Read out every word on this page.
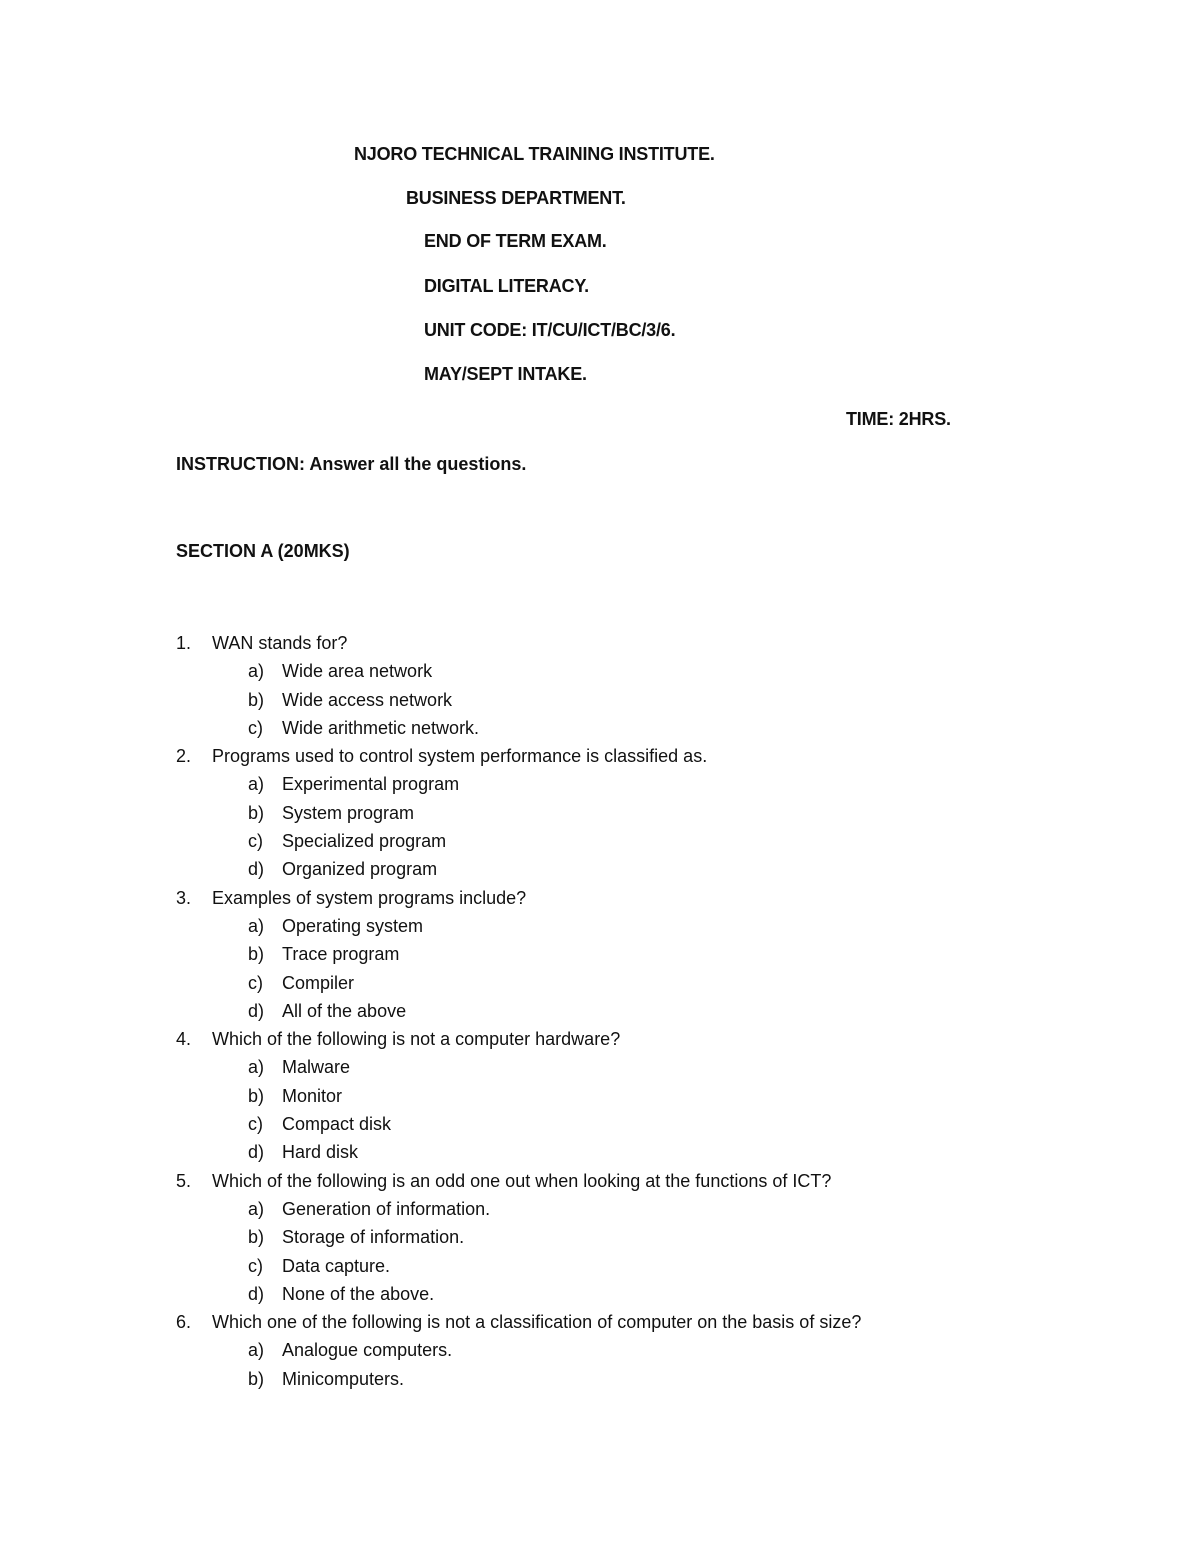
NJORO TECHNICAL TRAINING INSTITUTE.
BUSINESS DEPARTMENT.
END OF TERM EXAM.
DIGITAL LITERACY.
UNIT CODE: IT/CU/ICT/BC/3/6.
MAY/SEPT INTAKE.
TIME: 2HRS.
INSTRUCTION: Answer all the questions.
SECTION A (20MKS)
1. WAN stands for?
a) Wide area network
b) Wide access network
c) Wide arithmetic network.
2. Programs used to control system performance is classified as.
a) Experimental program
b) System program
c) Specialized program
d) Organized program
3. Examples of system programs include?
a) Operating system
b) Trace program
c) Compiler
d) All of the above
4. Which of the following is not a computer hardware?
a) Malware
b) Monitor
c) Compact disk
d) Hard disk
5. Which of the following is an odd one out when looking at the functions of ICT?
a) Generation of information.
b) Storage of information.
c) Data capture.
d) None of the above.
6. Which one of the following is not a classification of computer on the basis of size?
a) Analogue computers.
b) Minicomputers.
